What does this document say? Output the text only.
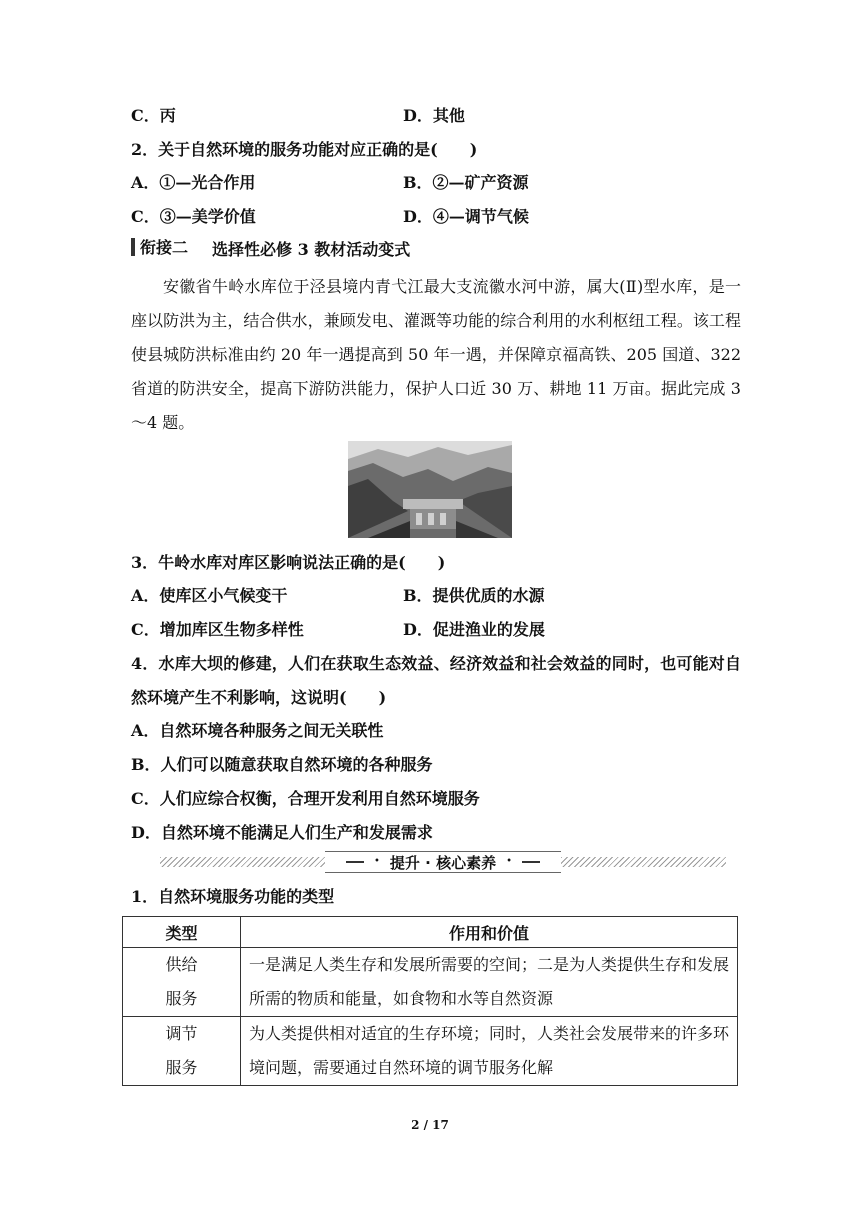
C．丙	D．其他
2．关于自然环境的服务功能对应正确的是(　　)
A．①—光合作用	B．②—矿产资源
C．③—美学价值	D．④—调节气候
衔接二 选择性必修 3 教材活动变式
安徽省牛岭水库位于泾县境内青弋江最大支流徽水河中游，属大(Ⅱ)型水库，是一座以防洪为主，结合供水，兼顾发电、灌溉等功能的综合利用的水利枢纽工程。该工程使县城防洪标准由约 20 年一遇提高到 50 年一遇，并保障京福高铁、205 国道、322 省道的防洪安全，提高下游防洪能力，保护人口近 30 万、耕地 11 万亩。据此完成 3～4 题。
3．牛岭水库对库区影响说法正确的是(　　)
A．使库区小气候变干	B．提供优质的水源
C．增加库区生物多样性	D．促进渔业的发展
4．水库大坝的修建，人们在获取生态效益、经济效益和社会效益的同时，也可能对自然环境产生不利影响，这说明(　　)
A．自然环境各种服务之间无关联性
B．人们可以随意获取自然环境的各种服务
C．人们应综合权衡，合理开发利用自然环境服务
D．自然环境不能满足人们生产和发展需求
• 提升 · 核心素养 •
1．自然环境服务功能的类型
类型	作用和价值

供给
服务	一是满足人类生存和发展所需要的空间；二是为人类提供生存和发展所需的物质和能量，如食物和水等自然资源

调节
服务	为人类提供相对适宜的生存环境；同时，人类社会发展带来的许多环境问题，需要通过自然环境的调节服务化解
2 / 17
